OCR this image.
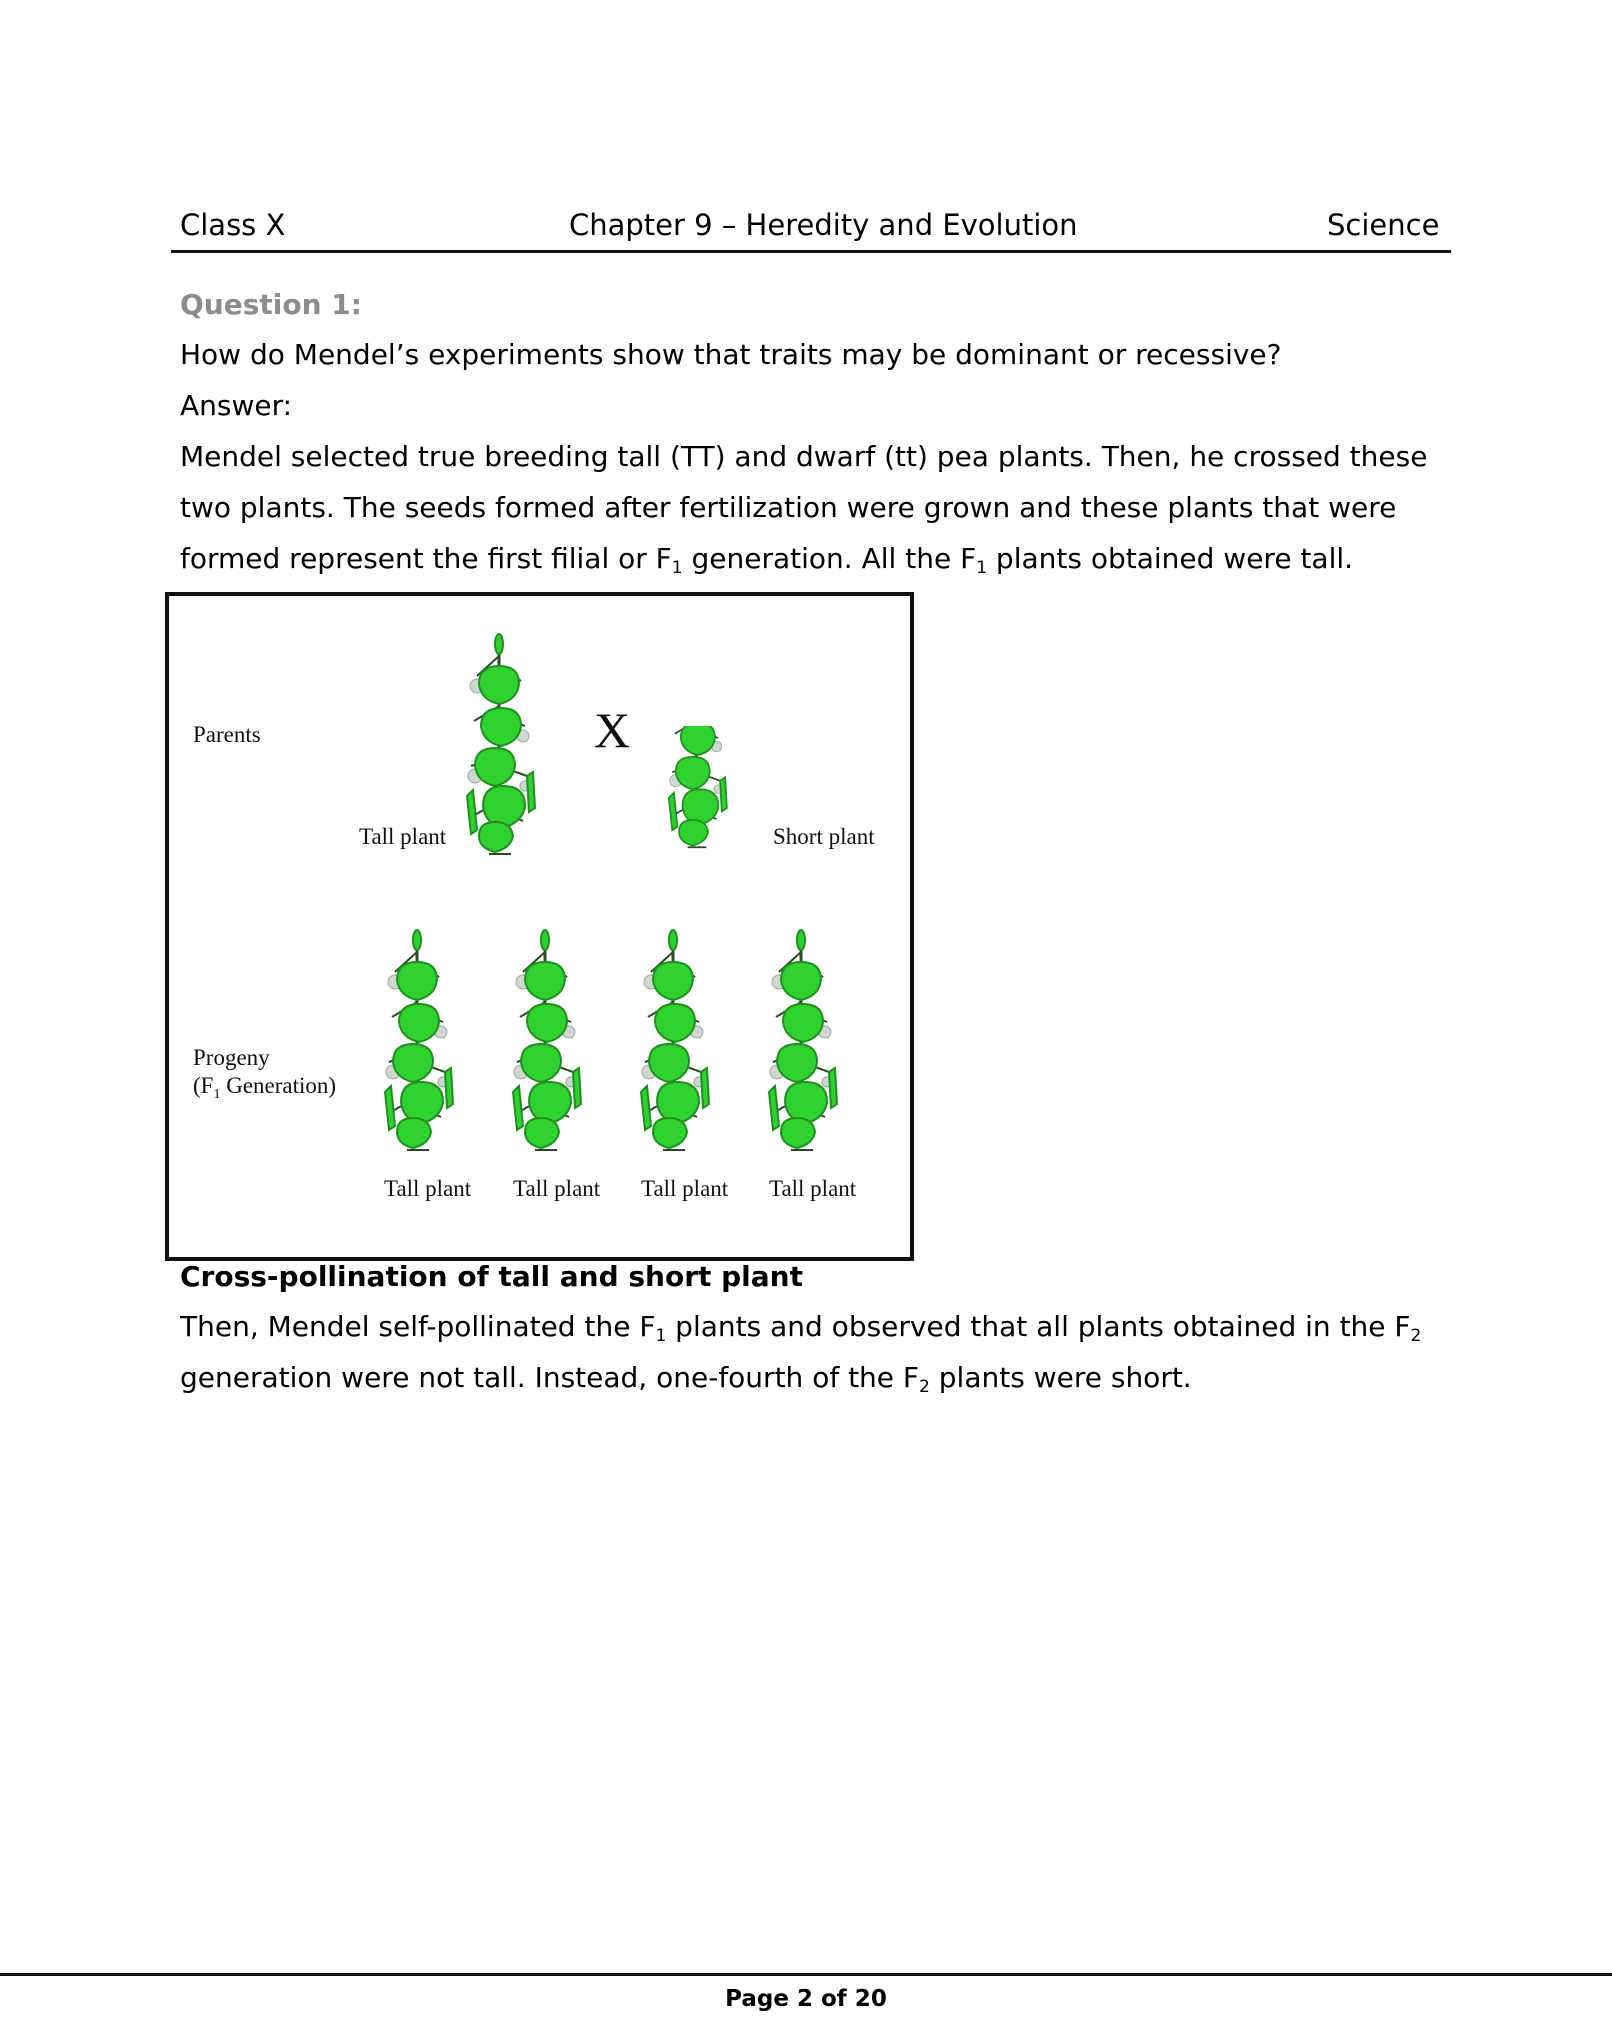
Class X	Chapter 9 – Heredity and Evolution	Science
Question 1:
How do Mendel’s experiments show that traits may be dominant or recessive?
Answer:
Mendel selected true breeding tall (TT) and dwarf (tt) pea plants. Then, he crossed these
two plants. The seeds formed after fertilization were grown and these plants that were
formed represent the first filial or $F_1$ generation. All the $F_1$ plants obtained were tall.
Parents
Tall plant
X
Short plant
Progeny
($F_1$ Generation)
Tall plant Tall plant Tall plant Tall plant
Cross-pollination of tall and short plant
Then, Mendel self-pollinated the $F_1$ plants and observed that all plants obtained in the $F_2$
generation were not tall. Instead, one-fourth of the $F_2$ plants were short.
Page 2 of 20
